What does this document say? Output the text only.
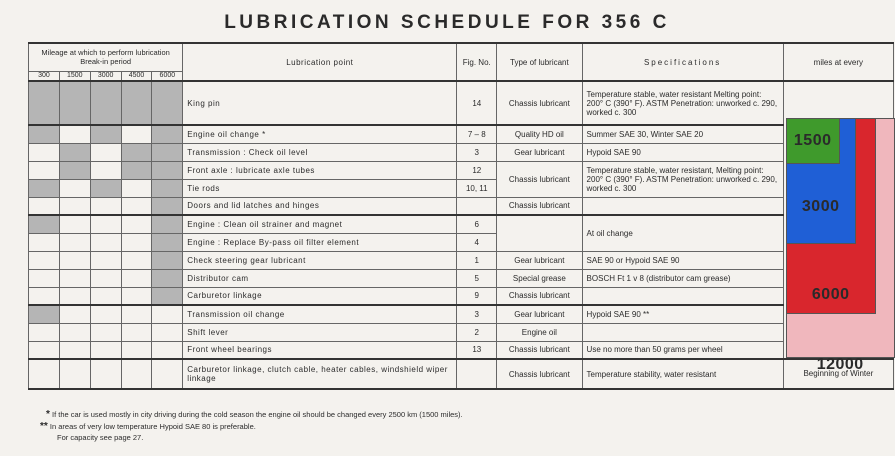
LUBRICATION SCHEDULE FOR 356 C
Mileage at which to perform lubrication
Break-in period					Lubrication point	Fig. No.	Type of lubricant	Specifications	miles at every
300	1500	3000	4500	6000					
					King pin	14	Chassis lubricant	Temperature stable, water resistant Melting point: 200° C (390° F). ASTM Penetration: unworked c. 290, worked c. 300	1500
3000
6000
12000

					Engine oil change *	7 – 8	Quality HD oil	Summer SAE 30, Winter SAE 20	
					Transmission : Check oil level	3	Gear lubricant	Hypoid SAE 90	
					Front axle : lubricate axle tubes	12	Chassis lubricant	Temperature stable, water resistant, Melting point: 200° C (390° F). ASTM Penetration: unworked c. 290, worked c. 300	
					Tie rods	10, 11			
					Doors and lid latches and hinges		Chassis lubricant		
					Engine : Clean oil strainer and magnet	6		At oil change	
					Engine : Replace By-pass oil filter element	4			
					Check steering gear lubricant	1	Gear lubricant	SAE 90 or Hypoid SAE 90	
					Distributor cam	5	Special grease	BOSCH Ft 1 v 8 (distributor cam grease)	
					Carburetor linkage	9	Chassis lubricant		
					Transmission oil change	3	Gear lubricant	Hypoid SAE 90 **	
					Shift lever	2	Engine oil		
					Front wheel bearings	13	Chassis lubricant	Use no more than 50 grams per wheel	
					Carburetor linkage, clutch cable, heater cables, windshield wiper linkage		Chassis lubricant	Temperature stability, water resistant	Beginning of Winter
* If the car is used mostly in city driving during the cold season the engine oil should be changed every 2500 km (1500 miles).
** In areas of very low temperature Hypoid SAE 80 is preferable.
For capacity see page 27.
